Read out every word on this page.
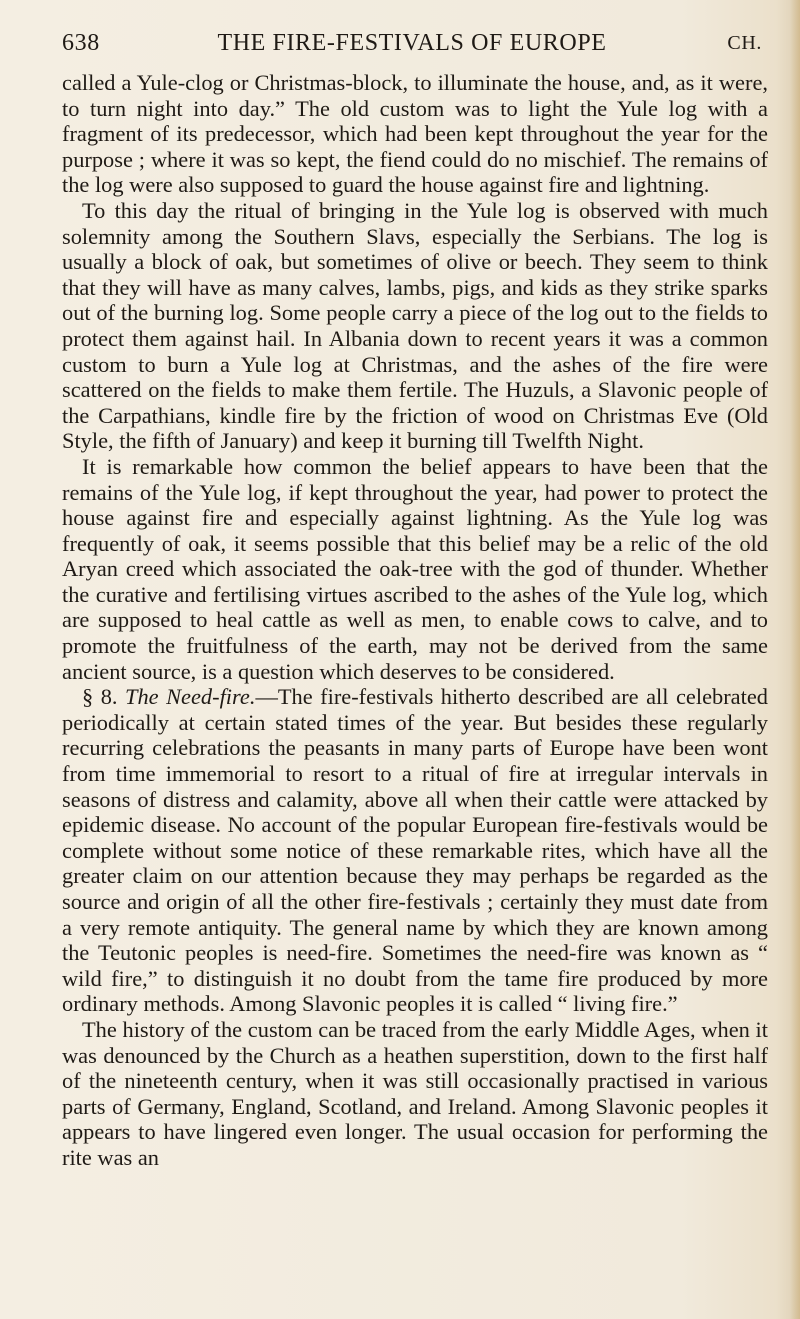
638	THE FIRE-FESTIVALS OF EUROPE	CH.

called a Yule-clog or Christmas-block, to illuminate the house, and, as it were, to turn night into day.” The old custom was to light the Yule log with a fragment of its predecessor, which had been kept throughout the year for the purpose ; where it was so kept, the fiend could do no mischief. The remains of the log were also supposed to guard the house against fire and lightning.

To this day the ritual of bringing in the Yule log is observed with much solemnity among the Southern Slavs, especially the Serbians. The log is usually a block of oak, but sometimes of olive or beech. They seem to think that they will have as many calves, lambs, pigs, and kids as they strike sparks out of the burning log. Some people carry a piece of the log out to the fields to protect them against hail. In Albania down to recent years it was a common custom to burn a Yule log at Christmas, and the ashes of the fire were scattered on the fields to make them fertile. The Huzuls, a Slavonic people of the Carpathians, kindle fire by the friction of wood on Christmas Eve (Old Style, the fifth of January) and keep it burning till Twelfth Night.

It is remarkable how common the belief appears to have been that the remains of the Yule log, if kept throughout the year, had power to protect the house against fire and especially against lightning. As the Yule log was frequently of oak, it seems possible that this belief may be a relic of the old Aryan creed which associated the oak-tree with the god of thunder. Whether the curative and fertilising virtues ascribed to the ashes of the Yule log, which are supposed to heal cattle as well as men, to enable cows to calve, and to promote the fruitfulness of the earth, may not be derived from the same ancient source, is a question which deserves to be considered.

§ 8. The Need-fire.—The fire-festivals hitherto described are all celebrated periodically at certain stated times of the year. But besides these regularly recurring celebrations the peasants in many parts of Europe have been wont from time immemorial to resort to a ritual of fire at irregular intervals in seasons of distress and calamity, above all when their cattle were attacked by epidemic disease. No account of the popular European fire-festivals would be complete without some notice of these remarkable rites, which have all the greater claim on our attention because they may perhaps be regarded as the source and origin of all the other fire-festivals ; certainly they must date from a very remote antiquity. The general name by which they are known among the Teutonic peoples is need-fire. Sometimes the need-fire was known as “ wild fire,” to distinguish it no doubt from the tame fire produced by more ordinary methods. Among Slavonic peoples it is called “ living fire.”

The history of the custom can be traced from the early Middle Ages, when it was denounced by the Church as a heathen superstition, down to the first half of the nineteenth century, when it was still occasionally practised in various parts of Germany, England, Scotland, and Ireland. Among Slavonic peoples it appears to have lingered even longer. The usual occasion for performing the rite was an
